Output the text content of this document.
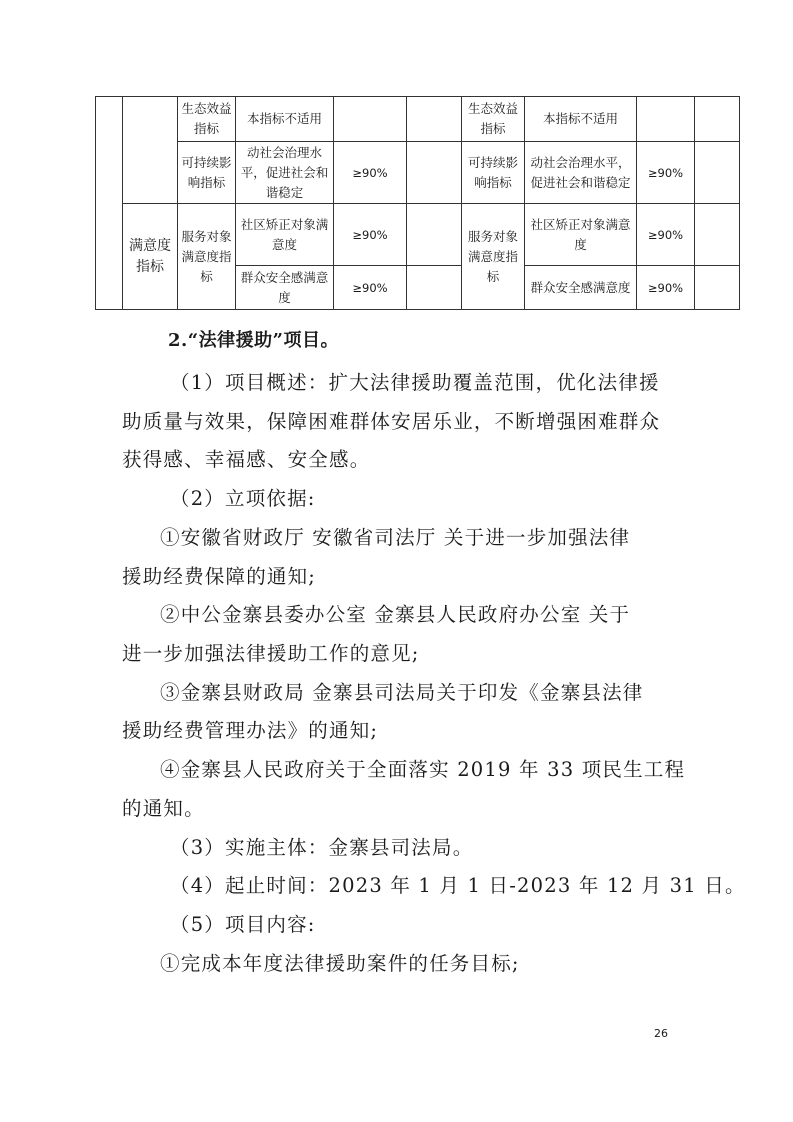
		生态效益指标	本指标不适用			生态效益指标	本指标不适用		
		可持续影响指标	动社会治理水平，促进社会和谐稳定	≥90%		可持续影响指标	动社会治理水平，促进社会和谐稳定	≥90%	
	满意度指标	服务对象满意度指标	社区矫正对象满意度	≥90%		服务对象满意度指标	社区矫正对象满意度	≥90%	
			群众安全感满意度	≥90%			群众安全感满意度	≥90%	
2.“法律援助”项目。
（1）项目概述：扩大法律援助覆盖范围，优化法律援
助质量与效果，保障困难群体安居乐业，不断增强困难群众
获得感、幸福感、安全感。
（2）立项依据:
①安徽省财政厅 安徽省司法厅 关于进一步加强法律
援助经费保障的通知;
②中公金寨县委办公室 金寨县人民政府办公室 关于
进一步加强法律援助工作的意见;
③金寨县财政局 金寨县司法局关于印发《金寨县法律
援助经费管理办法》的通知;
④金寨县人民政府关于全面落实 2019 年 33 项民生工程
的通知。
（3）实施主体：金寨县司法局。
（4）起止时间：2023 年 1 月 1 日-2023 年 12 月 31 日。
（5）项目内容:
①完成本年度法律援助案件的任务目标;
26
